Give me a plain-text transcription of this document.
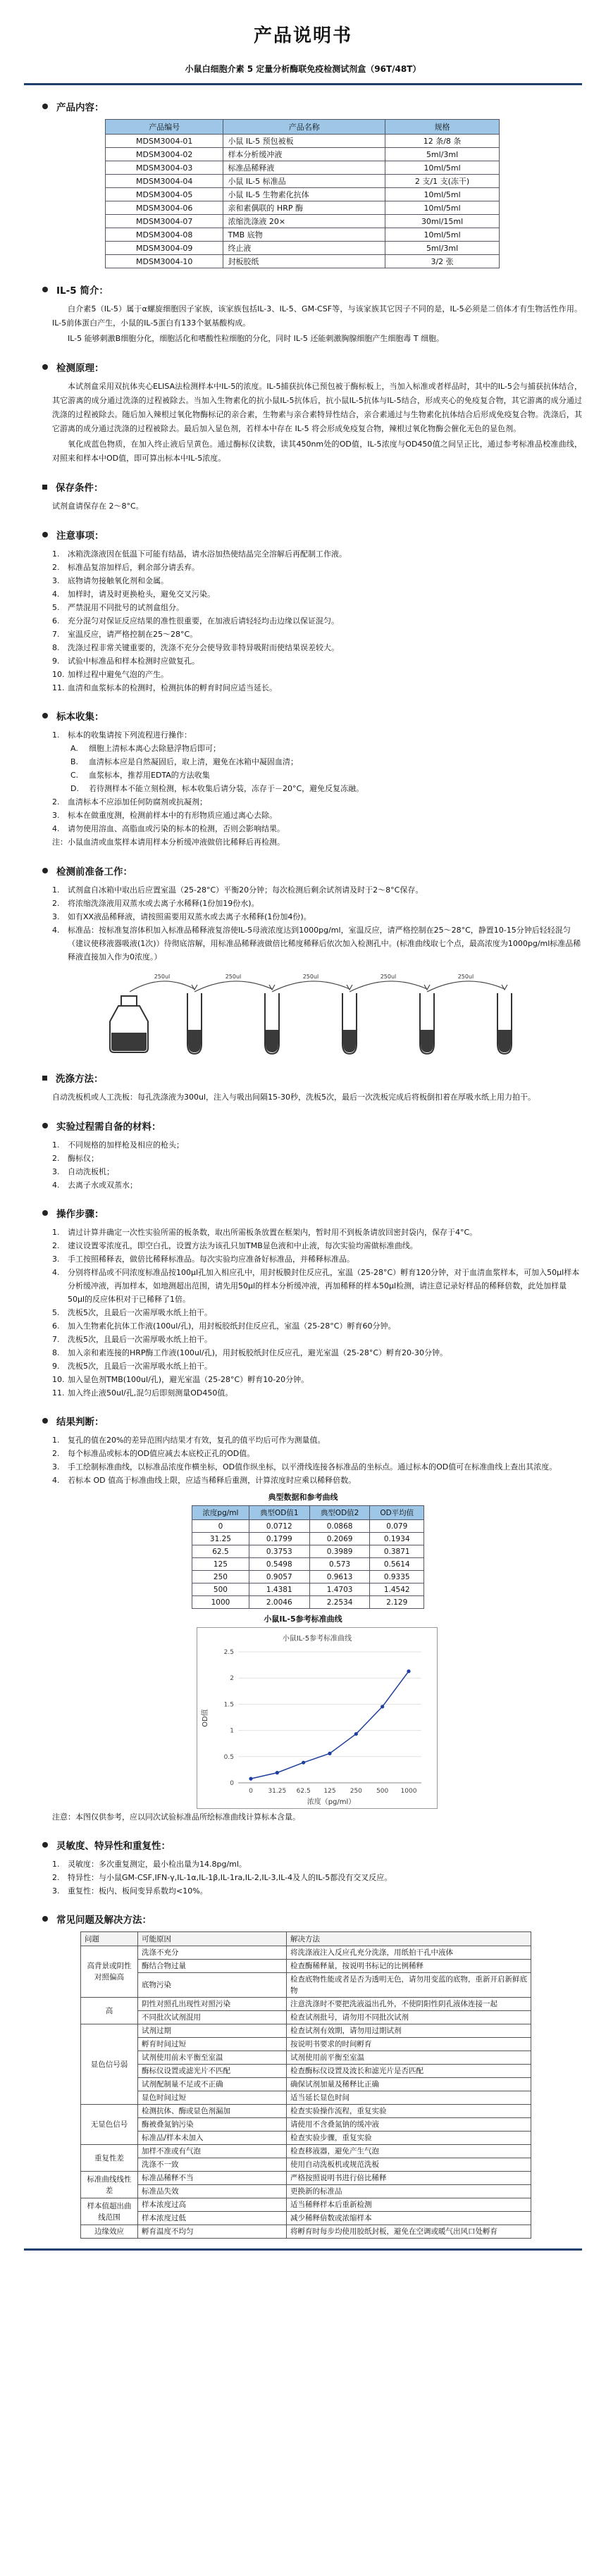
产品说明书
小鼠白细胞介素 5 定量分析酶联免疫检测试剂盒（96T/48T）
产品内容：
产品编号	产品名称	规格
MDSM3004-01	小鼠 IL-5 预包被板	12 条/8 条
MDSM3004-02	样本分析缓冲液	5ml/3ml
MDSM3004-03	标准品稀释液	10ml/5ml
MDSM3004-04	小鼠 IL-5 标准品	2 支/1 支(冻干)
MDSM3004-05	小鼠 IL-5 生物素化抗体	10ml/5ml
MDSM3004-06	亲和素偶联的 HRP 酶	10ml/5ml
MDSM3004-07	浓缩洗涤液 20×	30ml/15ml
MDSM3004-08	TMB 底物	10ml/5ml
MDSM3004-09	终止液	5ml/3ml
MDSM3004-10	封板胶纸	3/2 张
IL-5 简介：

白介素5（IL-5）属于α螺旋细胞因子家族，该家族包括IL-3、IL-5、GM-CSF等，与该家族其它因子不同的是，IL-5必须是二倍体才有生物活性作用。IL-5前体蛋白产生，小鼠的IL-5蛋白有133个氨基酸构成。

IL-5 能够刺激B细胞分化，细胞活化和嗜酸性粒细胞的分化，同时 IL-5 还能刺激胸腺细胞产生细胞毒 T 细胞。

检测原理：

本试剂盒采用双抗体夹心ELISA法检测样本中IL-5的浓度。IL-5捕获抗体已预包被于酶标板上，当加入标准或者样品时，其中的IL-5会与捕获抗体结合，其它游离的成分通过洗涤的过程被除去。当加入生物素化的抗小鼠IL-5抗体后，抗小鼠IL-5抗体与IL-5结合，形成夹心的免疫复合物，其它游离的成分通过洗涤的过程被除去。随后加入辣根过氧化物酶标记的亲合素，生物素与亲合素特异性结合，亲合素通过与生物素化抗体结合后形成免疫复合物。洗涤后，其它游离的成分通过洗涤的过程被除去。最后加入显色剂，若样本中存在 IL-5 将会形成免疫复合物，辣根过氧化物酶会催化无色的显色剂。

氧化成蓝色物质，在加入终止液后呈黄色。通过酶标仪读数，读其450nm处的OD值，IL-5浓度与OD450值之间呈正比，通过参考标准品校准曲线，对照来和样本中OD值，即可算出标本中IL-5浓度。

保存条件：

试剂盒请保存在 2～8°C。

注意事项：
1.	冰箱洗涤液因在低温下可能有结晶，请水浴加热使结晶完全溶解后再配制工作液。
2.	标准品复溶加样后，剩余部分请丢弃。
3.	底物请勿接触氧化剂和金属。
4.	加样时，请及时更换枪头，避免交叉污染。
5.	严禁混用不同批号的试剂盒组分。
6.	充分混匀对保证反应结果的准性很重要，在加液后请轻轻均击边缘以保证混匀。
7.	室温反应，请严格控制在25～28°C。
8.	洗涤过程非常关键重要的，洗涤不充分会使导致非特异吸附而使结果误差较大。
9.	试验中标准品和样本检测时应做复孔。
10. 加样过程中避免气泡的产生。
11. 血清和血浆标本的检测时，检测抗体的孵育时间应适当延长。
标本收集：
1.	标本的收集请按下列流程进行操作：
A.	细胞上清标本离心去除悬浮物后即可；
B.	血清标本应是自然凝固后，取上清，避免在冰箱中凝固血清；
C.	血浆标本，推荐用EDTA的方法收集
D.	若待测样本不能立刻检测，标本收集后请分装，冻存于－20°C，避免反复冻融。
2.	血清标本不应添加任何防腐剂或抗凝剂；
3.	标本在做重度测，检测前样本中的有形物质应通过离心去除。
4.	请勿使用溶血、高脂血或污染的标本的检测，否则会影响结果。

注：小鼠血清或血浆样本请用样本分析缓冲液做倍比稀释后再检测。

检测前准备工作：
1.	试剂盒自冰箱中取出后应置室温（25-28°C）平衡20分钟；每次检测后剩余试剂请及时于2～8°C保存。
2.	将浓缩洗涤液用双蒸水或去离子水稀释(1份加19份水)。
3.	如有XX液品稀释液，请按照需要用双蒸水或去离子水稀释(1份加4份)。
4.	标准品：按标准复溶体积加入标准品稀释液复溶使IL-5母液浓度达到1000pg/ml，室温反应，请严格控制在25～28°C，静置10-15分钟后轻轻混匀（建议使移液器吸液(1次)）待彻底溶解，用标准品稀释液做倍比稀度稀释后依次加入检测孔中。(标准曲线取七个点，最高浓度为1000pg/ml标准品稀释液直接加入作为0浓度。）
250ul	250ul	250ul	250ul	250ul
洗涤方法：

自动洗板机或人工洗板：每孔洗涤液为300ul，注入与吸出间隔15-30秒，洗板5次，最后一次洗板完成后将板倒扣着在厚吸水纸上用力拍干。

实验过程需自备的材料：
1.	不同规格的加样枪及相应的枪头；
2.	酶标仪；
3.	自动洗板机；
4.	去离子水或双蒸水；
操作步骤：
1.	请过计算并确定一次性实验所需的板条数，取出所需板条放置在框架内，暂时用不到板条请放回密封袋内，保存于4°C。
2.	建议设置零浓度孔，即空白孔，设置方法为该孔只加TMB显色液和中止液，每次实验均需做标准曲线。
3.	手工按照稀释表，做倍比稀释标准品。每次实验均应准备好标准品，并稀释标准品。
4.	分别将样品或不同浓度标准品按100μl孔加入相应孔中，用封板膜封住反应孔，室温（25-28°C）孵育120分钟，对于血清血浆样本，可加入50μl样本分析缓冲液，再加样本，如地测超出范围，请先用50μl的样本分析缓冲液，再加稀释的样本50μl检测，请注意记录好样品的稀释倍数，此处加样量50μl的反应体积对于已稀释了1倍。
5.	洗板5次，且最后一次需厚吸水纸上拍干。
6.	加入生物素化抗体工作液(100ul/孔)，用封板胶纸封住反应孔，室温（25-28°C）孵育60分钟。
7.	洗板5次，且最后一次需厚吸水纸上拍干。
8.	加入亲和素连接的HRP酶工作液(100ul/孔)，用封板胶纸封住反应孔，避光室温（25-28°C）孵育20-30分钟。
9.	洗板5次，且最后一次需厚吸水纸上拍干。
10. 加入显色剂TMB(100ul/孔)，避光室温（25-28°C）孵育10-20分钟。
11. 加入终止液50ul/孔,混匀后即刻测量OD450值。
结果判断：
1.	复孔的值在20%的差异范围内结果才有效，复孔的值平均后可作为测量值。
2.	每个标准品或标本的OD值应减去本底校正孔的OD值。
3.	手工绘制标准曲线，以标准品浓度作横坐标，OD值作纵坐标，以平滑线连接各标准品的坐标点。通过标本的OD值可在标准曲线上查出其浓度。
4.	若标本 OD 值高于标准曲线上限，应适当稀释后重测，计算浓度时应乘以稀释倍数。
典型数据和参考曲线
浓度pg/ml	典型OD值1	典型OD值2	OD平均值
0	0.0712	0.0868	0.079
31.25	0.1799	0.2069	0.1934
62.5	0.3753	0.3989	0.3871
125	0.5498	0.573	0.5614
250	0.9057	0.9613	0.9335
500	1.4381	1.4703	1.4542
1000	2.0046	2.2534	2.129
小鼠IL-5参考标准曲线
小鼠IL-5参考标准曲线
OD值
浓度（pg/ml）
0
0.5
1
1.5
2
2.5
0 31.25 62.5 125 250 500 1000

注意：本图仅供参考，应以同次试验标准品所绘标准曲线计算标本含量。

灵敏度、特异性和重复性：
1.	灵敏度：多次重复测定，最小检出量为14.8pg/ml。
2.	特异性：与小鼠GM-CSF,IFN-γ,IL-1α,IL-1β,IL-1ra,IL-2,IL-3,IL-4及人的IL-5都没有交叉反应。
3.	重复性：板内、板间变异系数均<10%。
常见问题及解决方法：
问题	可能原因	解决方法
高背景或阴性对照偏高	洗涤不充分	将洗涤液注入反应孔充分洗涤，用纸拍干孔中液体
	酶结合物过量	检查酶稀释量，按说明书标记的比例稀释
	底物污染	检查底物性能或者是否为透明无色，请勿用变蓝的底物，重新开启新鲜底物
高	阴性对照孔出现性对照污染	注意洗涤时不要把洗液溢出孔外，不使阴阳性阴孔液体连接一起
	不同批次试剂混用	检查试剂批号，请勿用不同批次试剂
显色信号弱	试剂过期	检查试剂有效期，请勿用过期试剂
	孵育时间过短	按说明书要求的时间孵育
	试剂使用前未平衡至室温	试剂使用前平衡至室温
	酶标仪设置或滤光片不匹配	检查酶标仪设置及波长和滤光片是否匹配
	试剂配制量不足或不正确	确保试剂加量及稀释比正确
	显色时间过短	适当延长显色时间
无显色信号	检测抗体、酶或显色剂漏加	检查实验操作流程，重复实验
	酶被叠氮钠污染	请使用不含叠氮钠的缓冲液
	标准品/样本未加入	检查实验步骤，重复实验
重复性差	加样不准或有气泡	检查移液器，避免产生气泡
	洗涤不一致	使用自动洗板机或规范洗板
标准曲线线性差	标准品稀释不当	严格按照说明书进行倍比稀释
	标准品失效	更换新的标准品
样本值超出曲线范围	样本浓度过高	适当稀释样本后重新检测
	样本浓度过低	减少稀释倍数或浓缩样本
边缘效应	孵育温度不均匀	将孵育时每步均使用胶纸封板，避免在空调或暖气出风口处孵育
